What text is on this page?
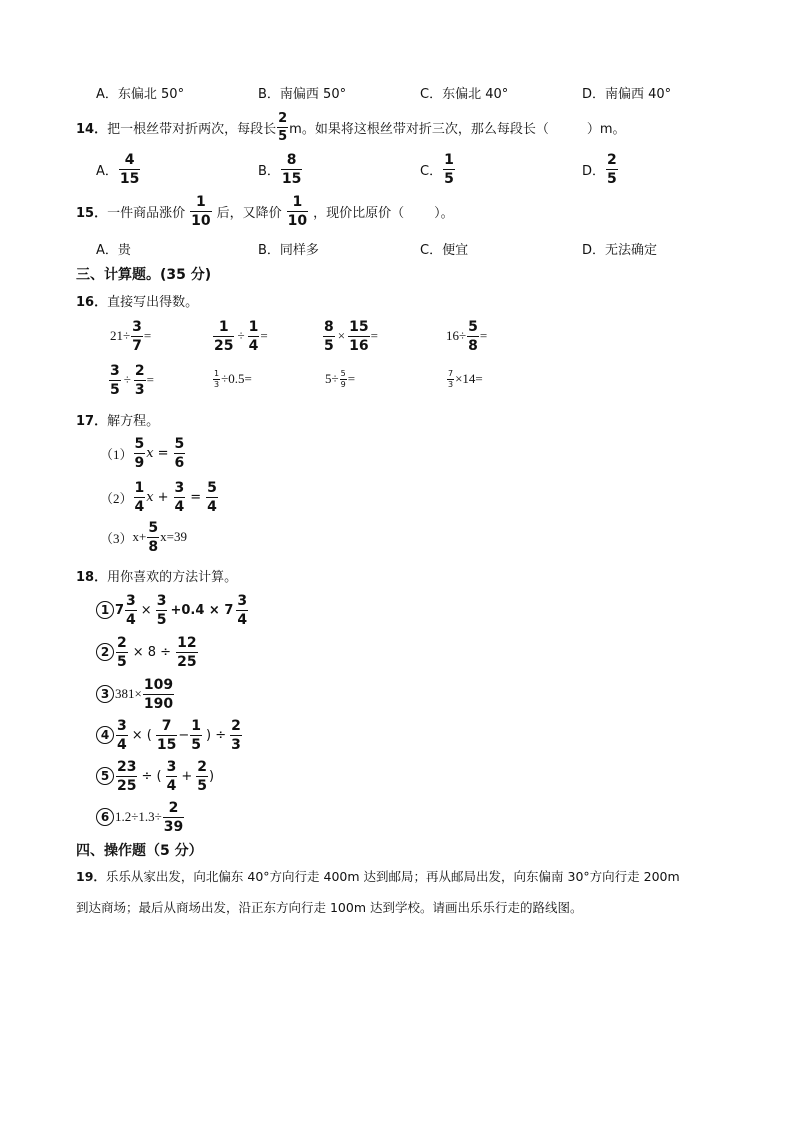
A．东偏北 50°	B．南偏西 50°	C．东偏北 40°	D．南偏西 40°
14． 把一根丝带对折两次，每段长 $\frac{2}{5}$ m。如果将这根丝带对折三次，那么每段长（	）m。
A． $\frac{4}{15}$	B． $\frac{8}{15}$	C． $\frac{1}{5}$	D． $\frac{2}{5}$
15． 一件商品涨价 $\frac{1}{10}$ 后，又降价 $\frac{1}{10}$ ，现价比原价（ ）。
A．贵	B．同样多	C．便宜	D．无法确定
三、计算题。(35 分)
16． 直接写出得数。
$21\div \frac{3}{7}$ =	$\frac{1}{25} \div \frac{1}{4}$ =	$\frac{8}{5} \times \frac{15}{16}$ =	$16\div \frac{5}{8}$ =
$\frac{3}{5} \div \frac{2}{3}$ =	$\frac{1}{3} \div 0.5=$	$5\div \frac{5}{9}$ =	$\frac{7}{3} \times 14=$
17． 解方程。
$(1) \frac{5}{9}$ $x = \frac{5}{6}$
$(2) \frac{1}{4}$ $x + \frac{3}{4} = \frac{5}{4}$
（3） $x+ \frac{5}{8} x=39$
18． 用你喜欢的方法计算。
1 $7 \frac{3}{4} \times \frac{3}{5} +0.4 \times 7 \frac{3}{4}$
$2 \frac{2}{5} \times 8 \div \frac{12}{25}$
3 $381\times \frac{109}{190}$
$4 \frac{3}{4}$ × ( $\frac{7}{15} - \frac{1}{5}$ ) ÷ $\frac{2}{3}$
$5 \frac{23}{25}$ ÷ ( $\frac{3}{4} + \frac{2}{5}$ )
6 $1.2\div 1.3\div \frac{2}{39}$
四、操作题（5 分）
19． 乐乐从家出发，向北偏东 40°方向行走 400m 达到邮局；再从邮局出发，向东偏南 30°方向行走 200m
到达商场；最后从商场出发，沿正东方向行走 100m 达到学校。请画出乐乐行走的路线图。
